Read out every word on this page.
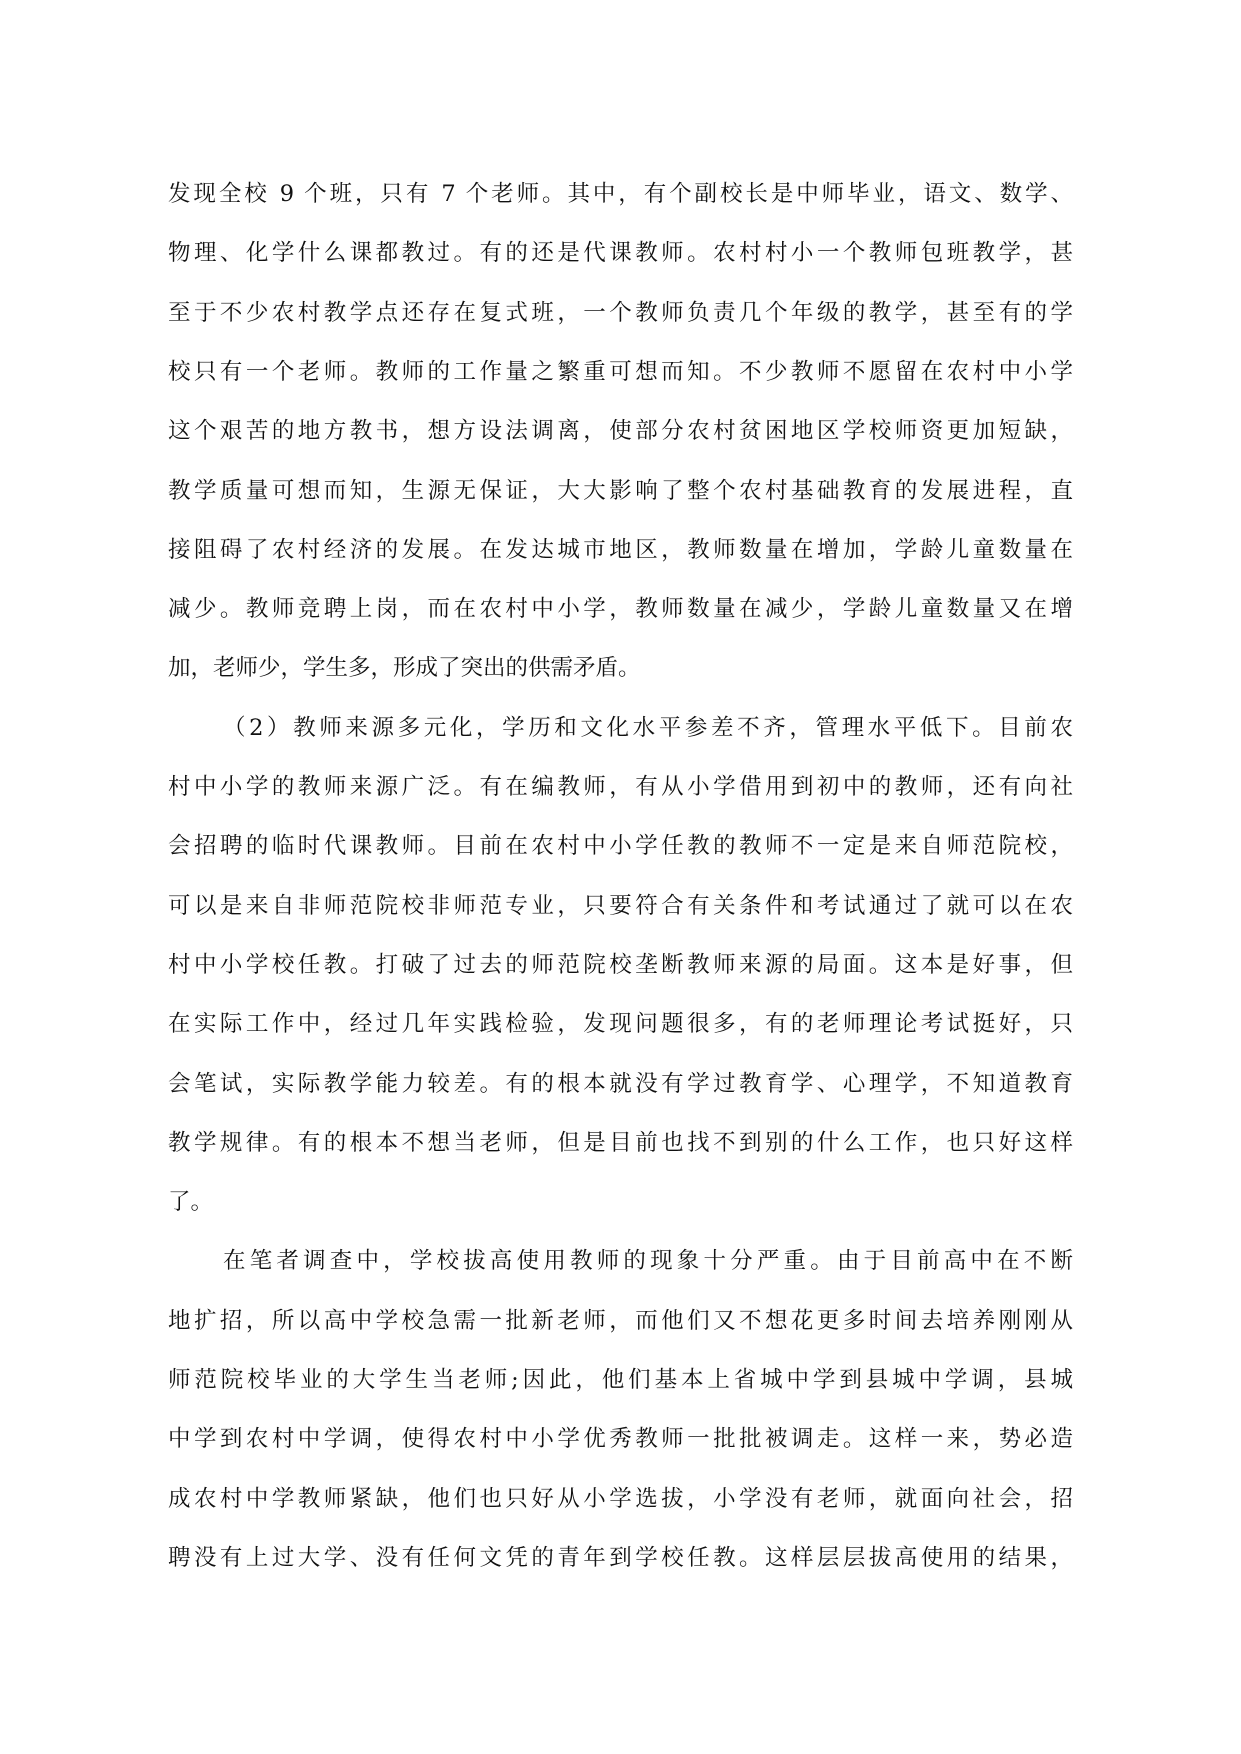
发现全校 9 个班，只有 7 个老师。其中，有个副校长是中师毕业，语文、数学、
物理、化学什么课都教过。有的还是代课教师。农村村小一个教师包班教学，甚
至于不少农村教学点还存在复式班，一个教师负责几个年级的教学，甚至有的学
校只有一个老师。教师的工作量之繁重可想而知。不少教师不愿留在农村中小学
这个艰苦的地方教书，想方设法调离，使部分农村贫困地区学校师资更加短缺，
教学质量可想而知，生源无保证，大大影响了整个农村基础教育的发展进程，直
接阻碍了农村经济的发展。在发达城市地区，教师数量在增加，学龄儿童数量在
减少。教师竞聘上岗，而在农村中小学，教师数量在减少，学龄儿童数量又在增
加，老师少，学生多，形成了突出的供需矛盾。
（2）教师来源多元化，学历和文化水平参差不齐，管理水平低下。目前农
村中小学的教师来源广泛。有在编教师，有从小学借用到初中的教师，还有向社
会招聘的临时代课教师。目前在农村中小学任教的教师不一定是来自师范院校，
可以是来自非师范院校非师范专业，只要符合有关条件和考试通过了就可以在农
村中小学校任教。打破了过去的师范院校垄断教师来源的局面。这本是好事，但
在实际工作中，经过几年实践检验，发现问题很多，有的老师理论考试挺好，只
会笔试，实际教学能力较差。有的根本就没有学过教育学、心理学，不知道教育
教学规律。有的根本不想当老师，但是目前也找不到别的什么工作，也只好这样
了。
在笔者调查中，学校拔高使用教师的现象十分严重。由于目前高中在不断
地扩招，所以高中学校急需一批新老师，而他们又不想花更多时间去培养刚刚从
师范院校毕业的大学生当老师;因此，他们基本上省城中学到县城中学调，县城
中学到农村中学调，使得农村中小学优秀教师一批批被调走。这样一来，势必造
成农村中学教师紧缺，他们也只好从小学选拔，小学没有老师，就面向社会，招
聘没有上过大学、没有任何文凭的青年到学校任教。这样层层拔高使用的结果，
